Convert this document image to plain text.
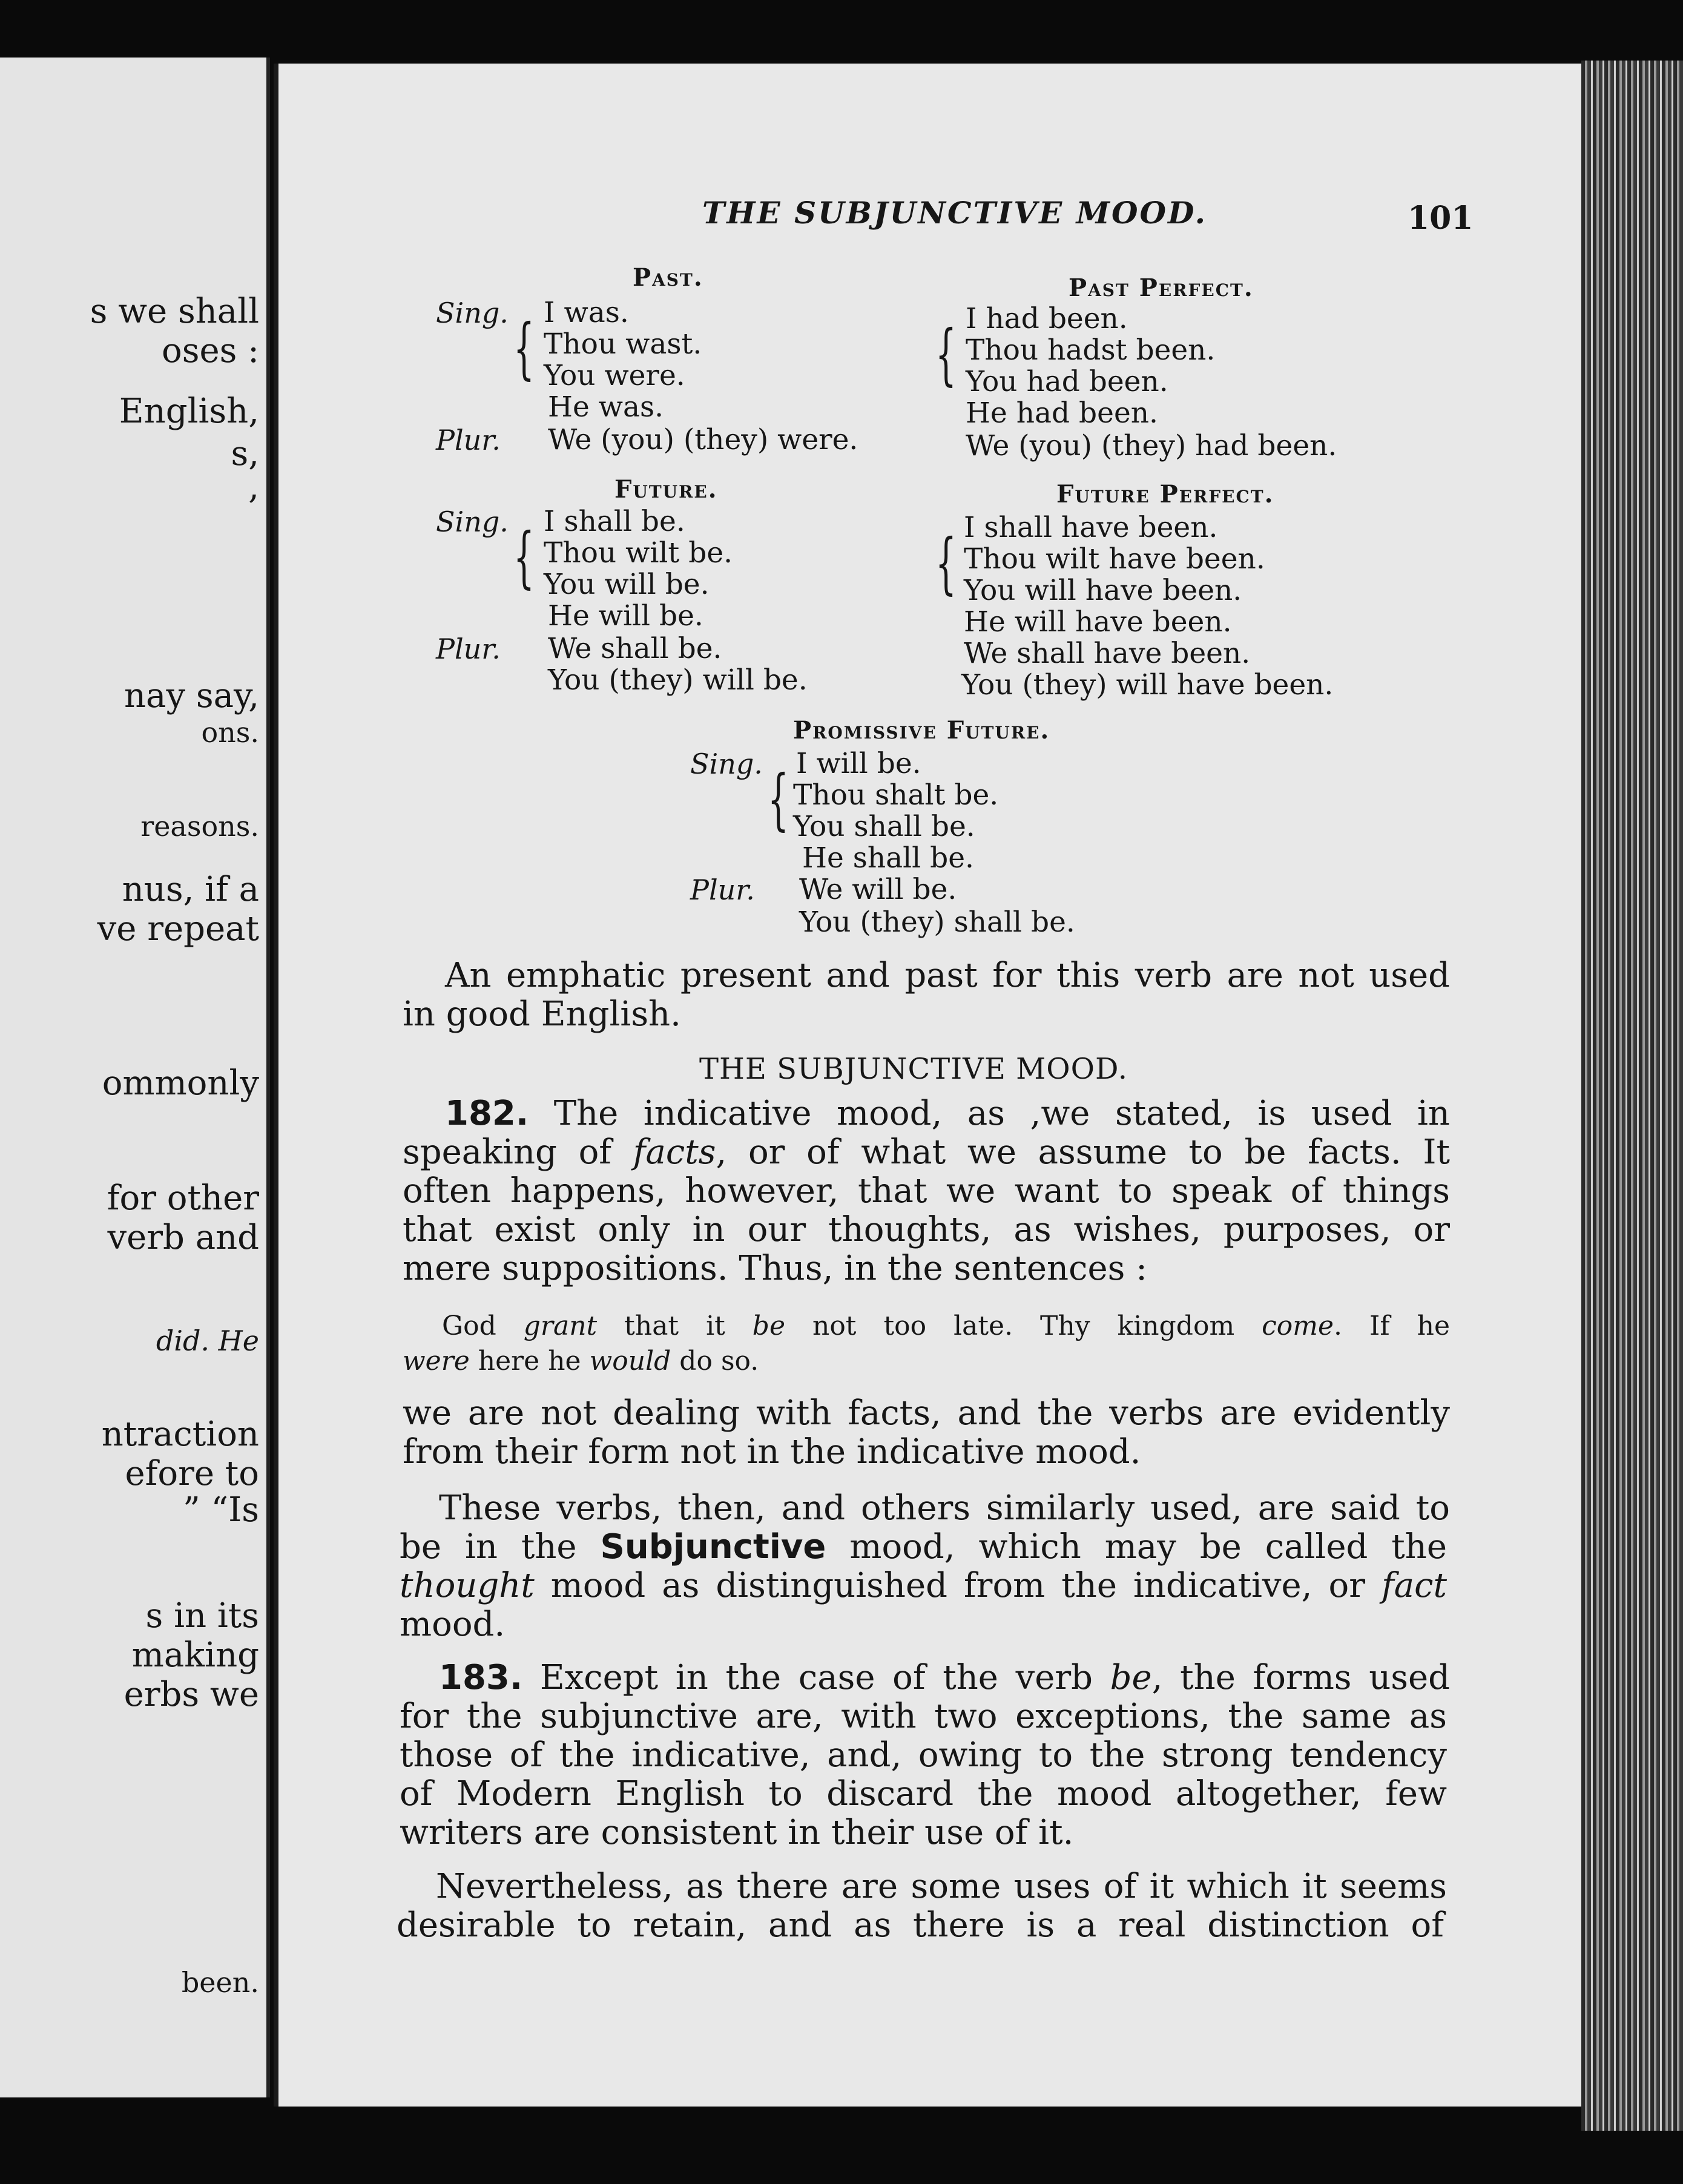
s we shall
oses :
English,
s,
,
nay say,
ons.
reasons.
nus, if a
ve repeat
ommonly
for other
verb and
did. He
ntraction
efore to
” “Is
s in its
making
erbs we
been.
THE SUBJUNCTIVE MOOD.	101
Past.
Sing. I was.
{ Thou wast.
You were.
He was.
Plur. We (you) (they) were.
Past Perfect.
I had been.
{ Thou hadst been.
You had been.
He had been.
We (you) (they) had been.
Future.
Sing. I shall be.
{ Thou wilt be.
You will be.
He will be.
Plur. We shall be.
You (they) will be.
Future Perfect.
I shall have been.
{ Thou wilt have been.
You will have been.
He will have been.
We shall have been.
You (they) will have been.
Promissive Future.
Sing. I will be.
{ Thou shalt be.
You shall be.
He shall be.
Plur. We will be.
You (they) shall be.
An emphatic present and past for this verb are not used
in good English.
THE SUBJUNCTIVE MOOD.
182. The indicative mood, as ,we stated, is used in
speaking of facts, or of what we assume to be facts. It
often happens, however, that we want to speak of things
that exist only in our thoughts, as wishes, purposes, or
mere suppositions. Thus, in the sentences :
God grant that it be not too late. Thy kingdom come. If he
were here he would do so.
we are not dealing with facts, and the verbs are evidently
from their form not in the indicative mood.
These verbs, then, and others similarly used, are said to
be in the Subjunctive mood, which may be called the
thought mood as distinguished from the indicative, or fact
mood.
183. Except in the case of the verb be, the forms used
for the subjunctive are, with two exceptions, the same as
those of the indicative, and, owing to the strong tendency
of Modern English to discard the mood altogether, few
writers are consistent in their use of it.
Nevertheless, as there are some uses of it which it seems
desirable to retain, and as there is a real distinction of
